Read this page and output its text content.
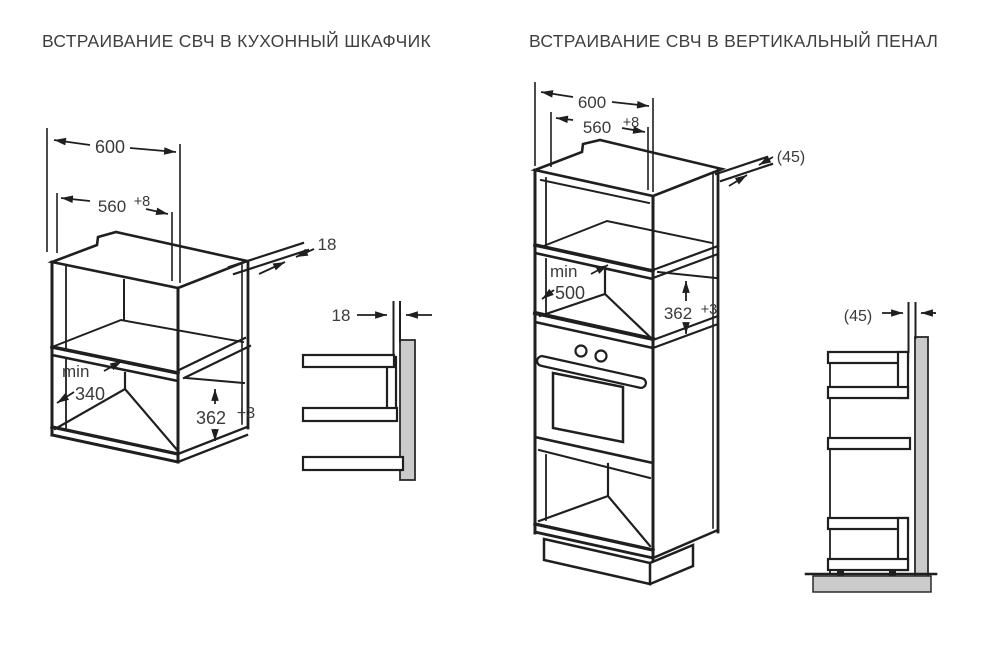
ВСТРАИВАНИЕ СВЧ В КУХОННЫЙ ШКАФЧИК	ВСТРАИВАНИЕ СВЧ В ВЕРТИКАЛЬНЫЙ ПЕНАЛ
600
560 +8
18
min
340
362 +3
18
600
560 +8
(45)
min
500
362 +3	(45)
